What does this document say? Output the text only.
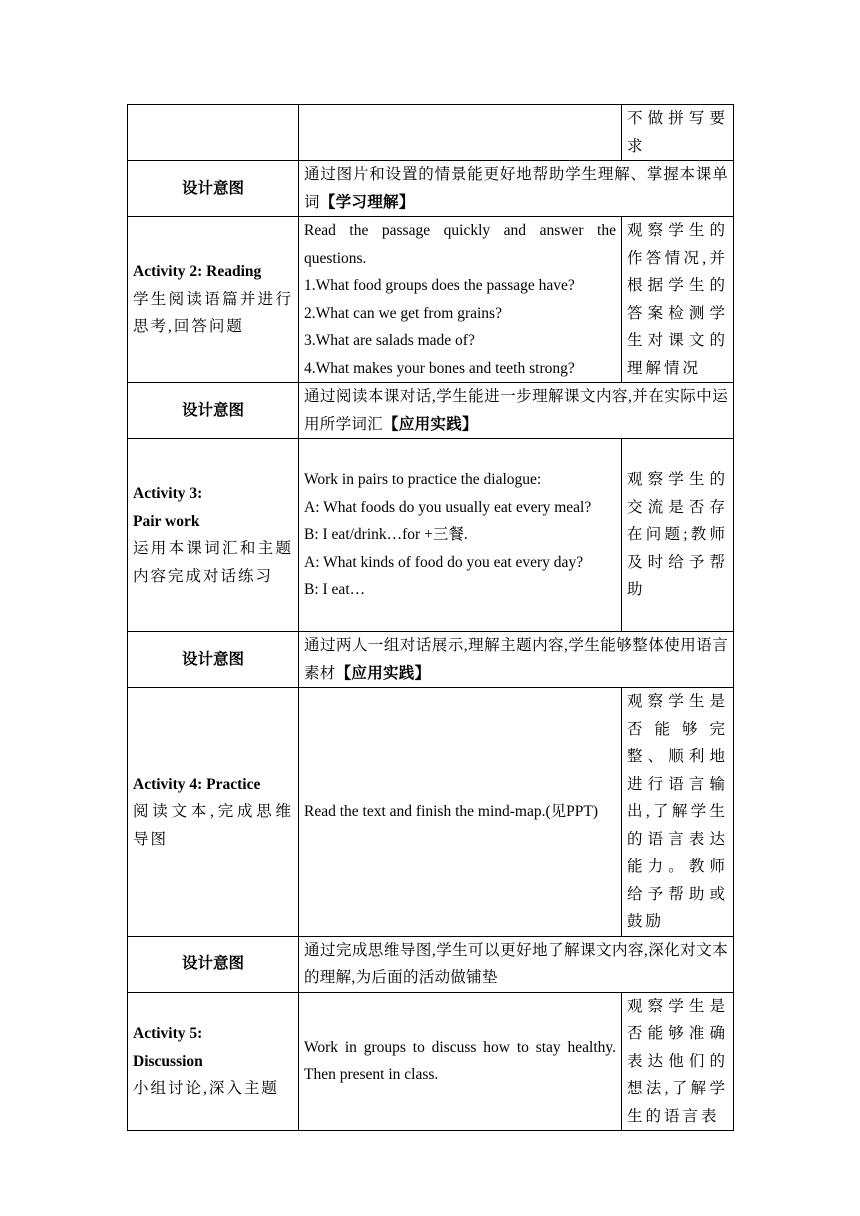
		不做拼写要求
设计意图	通过图片和设置的情景能更好地帮助学生理解、掌握本课单词【学习理解】	

Activity 2: Reading
学生阅读语篇并进行思考,回答问题	Read the passage quickly and answer the questions.
1.What food groups does the passage have?
2.What can we get from grains?
3.What are salads made of?
4.What makes your bones and teeth strong?	观察学生的作答情况,并根据学生的答案检测学生对课文的理解情况
设计意图	通过阅读本课对话,学生能进一步理解课文内容,并在实际中运用所学词汇【应用实践】	

Activity 3:
Pair work
运用本课词汇和主题内容完成对话练习	Work in pairs to practice the dialogue:
A: What foods do you usually eat every meal?
B: I eat/drink…for +三餐.
A: What kinds of food do you eat every day?
B: I eat…	观察学生的交流是否存在问题;教师及时给予帮助
设计意图	通过两人一组对话展示,理解主题内容,学生能够整体使用语言素材【应用实践】	

Activity 4: Practice
阅读文本,完成思维导图	Read the text and finish the mind-map.(见PPT)	观察学生是否能够完整、顺利地进行语言输出,了解学生的语言表达能力。教师给予帮助或鼓励
设计意图	通过完成思维导图,学生可以更好地了解课文内容,深化对文本的理解,为后面的活动做铺垫	

Activity 5:
Discussion
小组讨论,深入主题	Work in groups to discuss how to stay healthy. Then present in class.	观察学生是否能够准确表达他们的想法,了解学生的语言表
